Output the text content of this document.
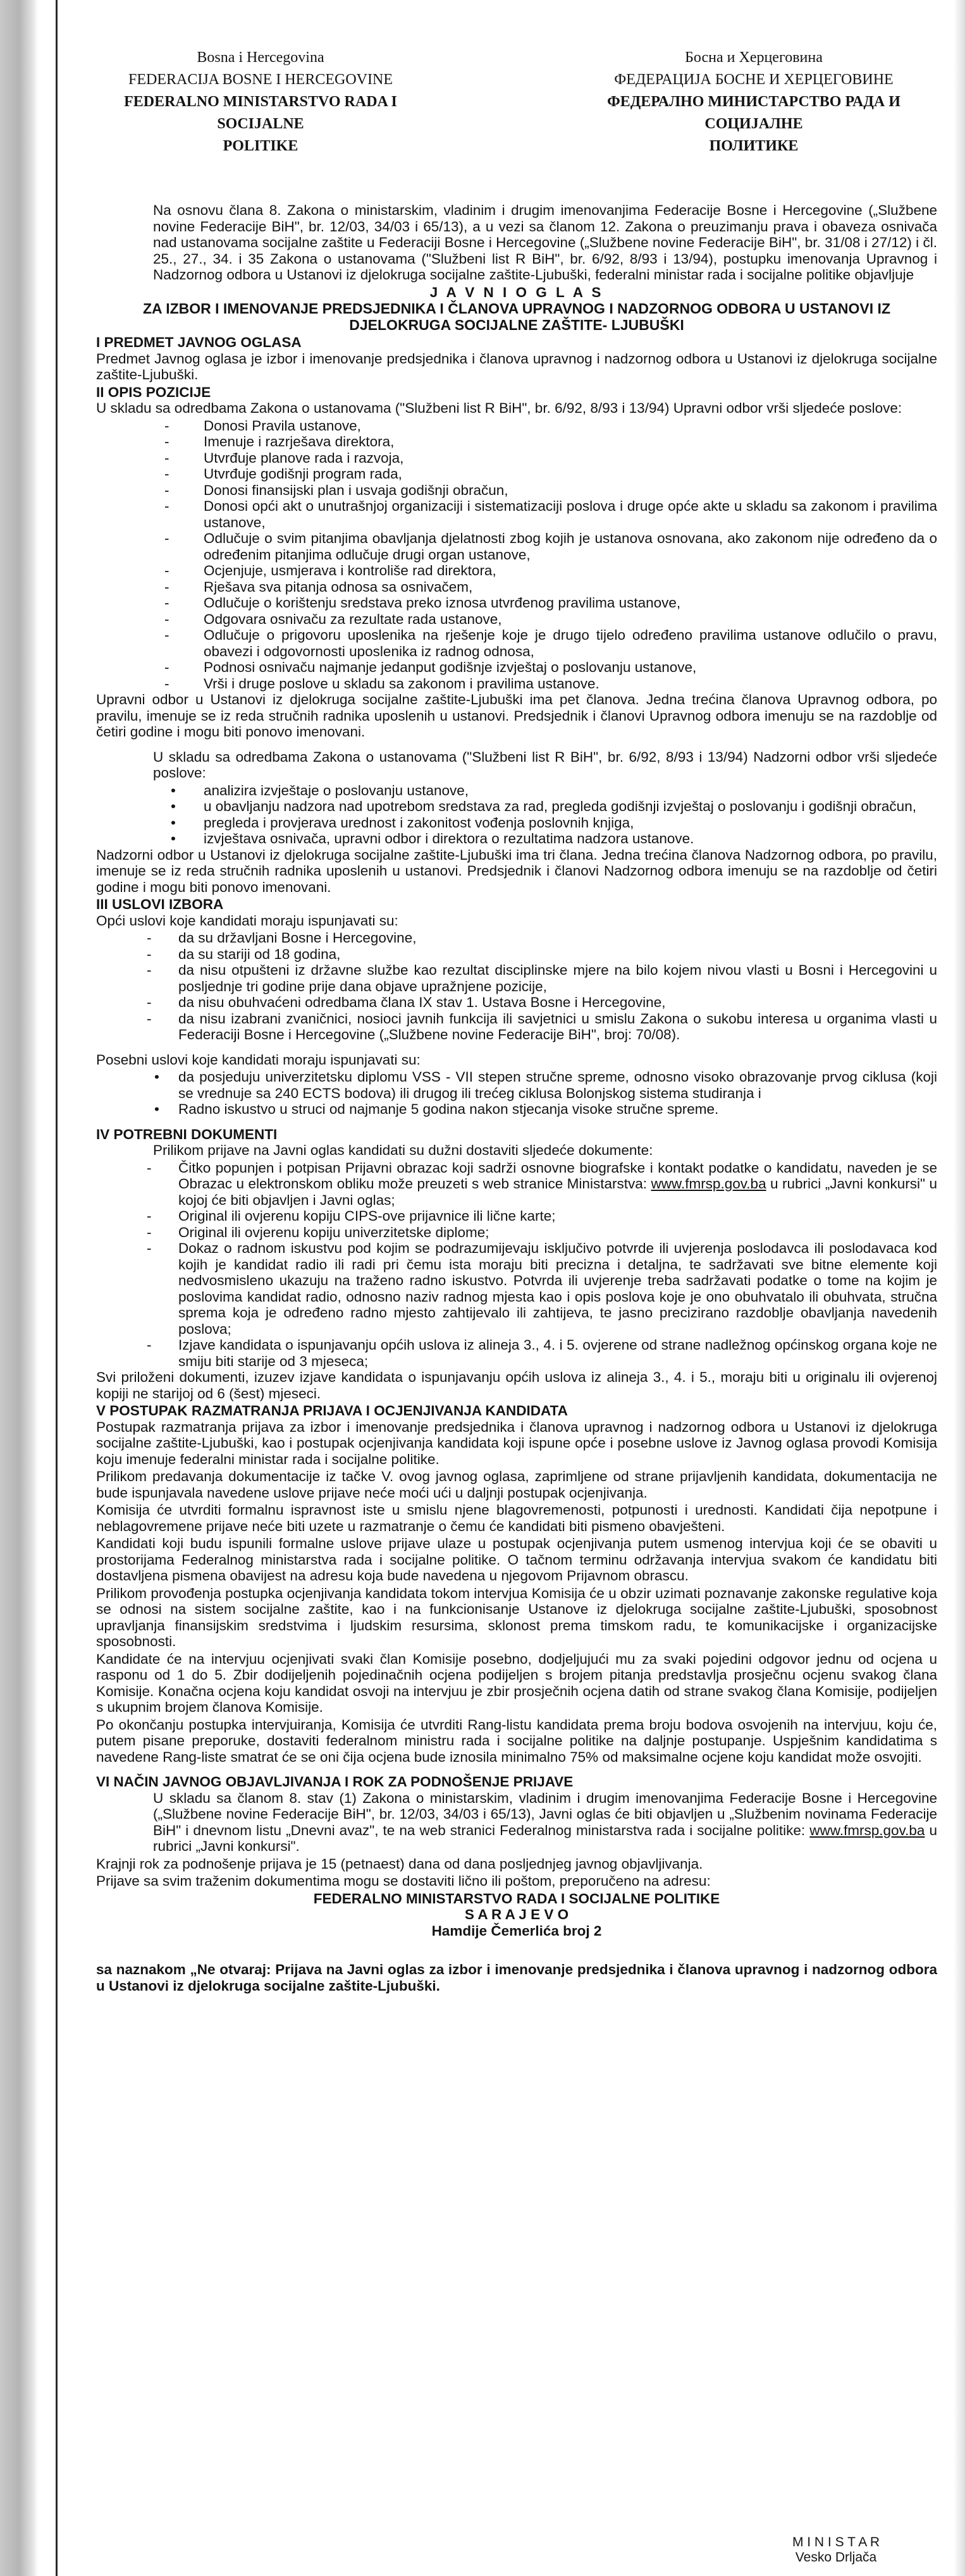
Bosna i Hercegovina
FEDERACIJA BOSNE I HERCEGOVINE
FEDERALNO MINISTARSTVO RADA I SOCIJALNE
POLITIKE
Босна и Херцеговина
ФЕДЕРАЦИЈА БОСНЕ И ХЕРЦЕГОВИНЕ
ФЕДЕРАЛНО МИНИСТАРСТВО РАДА И СОЦИЈАЛНЕ
ПОЛИТИКЕ

Na osnovu člana 8. Zakona o ministarskim, vladinim i drugim imenovanjima Federacije Bosne i Hercegovine („Službene novine Federacije BiH", br. 12/03, 34/03 i 65/13), a u vezi sa članom 12. Zakona o preuzimanju prava i obaveza osnivača nad ustanovama socijalne zaštite u Federaciji Bosne i Hercegovine („Službene novine Federacije BiH", br. 31/08 i 27/12) i čl. 25., 27., 34. i 35 Zakona o ustanovama ("Službeni list R BiH", br. 6/92, 8/93 i 13/94), postupku imenovanja Upravnog i Nadzornog odbora u Ustanovi iz djelokruga socijalne zaštite-Ljubuški, federalni ministar rada i socijalne politike objavljuje

J A V N I O G L A S
ZA IZBOR I IMENOVANJE PREDSJEDNIKA I ČLANOVA UPRAVNOG I NADZORNOG ODBORA U USTANOVI IZ DJELOKRUGA SOCIJALNE ZAŠTITE- LJUBUŠKI
I PREDMET JAVNOG OGLASA

Predmet Javnog oglasa je izbor i imenovanje predsjednika i članova upravnog i nadzornog odbora u Ustanovi iz djelokruga socijalne zaštite-Ljubuški.

II OPIS POZICIJE

U skladu sa odredbama Zakona o ustanovama ("Službeni list R BiH", br. 6/92, 8/93 i 13/94) Upravni odbor vrši sljedeće poslove:

- Donosi Pravila ustanove,
- Imenuje i razrješava direktora,
- Utvrđuje planove rada i razvoja,
- Utvrđuje godišnji program rada,
- Donosi finansijski plan i usvaja godišnji obračun,
- Donosi opći akt o unutrašnjoj organizaciji i sistematizaciji poslova i druge opće akte u skladu sa zakonom i pravilima ustanove,
- Odlučuje o svim pitanjima obavljanja djelatnosti zbog kojih je ustanova osnovana, ako zakonom nije određeno da o određenim pitanjima odlučuje drugi organ ustanove,
- Ocjenjuje, usmjerava i kontroliše rad direktora,
- Rješava sva pitanja odnosa sa osnivačem,
- Odlučuje o korištenju sredstava preko iznosa utvrđenog pravilima ustanove,
- Odgovara osnivaču za rezultate rada ustanove,
- Odlučuje o prigovoru uposlenika na rješenje koje je drugo tijelo određeno pravilima ustanove odlučilo o pravu, obavezi i odgovornosti uposlenika iz radnog odnosa,
- Podnosi osnivaču najmanje jedanput godišnje izvještaj o poslovanju ustanove,
- Vrši i druge poslove u skladu sa zakonom i pravilima ustanove.

Upravni odbor u Ustanovi iz djelokruga socijalne zaštite-Ljubuški ima pet članova. Jedna trećina članova Upravnog odbora, po pravilu, imenuje se iz reda stručnih radnika uposlenih u ustanovi. Predsjednik i članovi Upravnog odbora imenuju se na razdoblje od četiri godine i mogu biti ponovo imenovani.

U skladu sa odredbama Zakona o ustanovama ("Službeni list R BiH", br. 6/92, 8/93 i 13/94) Nadzorni odbor vrši sljedeće poslove:

• analizira izvještaje o poslovanju ustanove,
• u obavljanju nadzora nad upotrebom sredstava za rad, pregleda godišnji izvještaj o poslovanju i godišnji obračun,
• pregleda i provjerava urednost i zakonitost vođenja poslovnih knjiga,
• izvještava osnivača, upravni odbor i direktora o rezultatima nadzora ustanove.

Nadzorni odbor u Ustanovi iz djelokruga socijalne zaštite-Ljubuški ima tri člana. Jedna trećina članova Nadzornog odbora, po pravilu, imenuje se iz reda stručnih radnika uposlenih u ustanovi. Predsjednik i članovi Nadzornog odbora imenuju se na razdoblje od četiri godine i mogu biti ponovo imenovani.

III USLOVI IZBORA

Opći uslovi koje kandidati moraju ispunjavati su:

- da su državljani Bosne i Hercegovine,
- da su stariji od 18 godina,
- da nisu otpušteni iz državne službe kao rezultat disciplinske mjere na bilo kojem nivou vlasti u Bosni i Hercegovini u posljednje tri godine prije dana objave upražnjene pozicije,
- da nisu obuhvaćeni odredbama člana IX stav 1. Ustava Bosne i Hercegovine,
- da nisu izabrani zvaničnici, nosioci javnih funkcija ili savjetnici u smislu Zakona o sukobu interesa u organima vlasti u Federaciji Bosne i Hercegovine („Službene novine Federacije BiH", broj: 70/08).

Posebni uslovi koje kandidati moraju ispunjavati su:

• da posjeduju univerzitetsku diplomu VSS - VII stepen stručne spreme, odnosno visoko obrazovanje prvog ciklusa (koji se vrednuje sa 240 ECTS bodova) ili drugog ili trećeg ciklusa Bolonjskog sistema studiranja i
• Radno iskustvo u struci od najmanje 5 godina nakon stjecanja visoke stručne spreme.
IV POTREBNI DOKUMENTI

Prilikom prijave na Javni oglas kandidati su dužni dostaviti sljedeće dokumente:

- Čitko popunjen i potpisan Prijavni obrazac koji sadrži osnovne biografske i kontakt podatke o kandidatu, naveden je se Obrazac u elektronskom obliku može preuzeti s web stranice Ministarstva: www.fmrsp.gov.ba u rubrici „Javni konkursi" u kojoj će biti objavljen i Javni oglas;
- Original ili ovjerenu kopiju CIPS-ove prijavnice ili lične karte;
- Original ili ovjerenu kopiju univerzitetske diplome;
- Dokaz o radnom iskustvu pod kojim se podrazumijevaju isključivo potvrde ili uvjerenja poslodavca ili poslodavaca kod kojih je kandidat radio ili radi pri čemu ista moraju biti precizna i detaljna, te sadržavati sve bitne elemente koji nedvosmisleno ukazuju na traženo radno iskustvo. Potvrda ili uvjerenje treba sadržavati podatke o tome na kojim je poslovima kandidat radio, odnosno naziv radnog mjesta kao i opis poslova koje je ono obuhvatalo ili obuhvata, stručna sprema koja je određeno radno mjesto zahtijevalo ili zahtijeva, te jasno precizirano razdoblje obavljanja navedenih poslova;
- Izjave kandidata o ispunjavanju općih uslova iz alineja 3., 4. i 5. ovjerene od strane nadležnog općinskog organa koje ne smiju biti starije od 3 mjeseca;

Svi priloženi dokumenti, izuzev izjave kandidata o ispunjavanju općih uslova iz alineja 3., 4. i 5., moraju biti u originalu ili ovjerenoj kopiji ne starijoj od 6 (šest) mjeseci.

V POSTUPAK RAZMATRANJA PRIJAVA I OCJENJIVANJA KANDIDATA

Postupak razmatranja prijava za izbor i imenovanje predsjednika i članova upravnog i nadzornog odbora u Ustanovi iz djelokruga socijalne zaštite-Ljubuški, kao i postupak ocjenjivanja kandidata koji ispune opće i posebne uslove iz Javnog oglasa provodi Komisija koju imenuje federalni ministar rada i socijalne politike.

Prilikom predavanja dokumentacije iz tačke V. ovog javnog oglasa, zaprimljene od strane prijavljenih kandidata, dokumentacija ne bude ispunjavala navedene uslove prijave neće moći ući u daljnji postupak ocjenjivanja.

Komisija će utvrditi formalnu ispravnost iste u smislu njene blagovremenosti, potpunosti i urednosti. Kandidati čija nepotpune i neblagovremene prijave neće biti uzete u razmatranje o čemu će kandidati biti pismeno obavješteni.

Kandidati koji budu ispunili formalne uslove prijave ulaze u postupak ocjenjivanja putem usmenog intervjua koji će se obaviti u prostorijama Federalnog ministarstva rada i socijalne politike. O tačnom terminu održavanja intervjua svakom će kandidatu biti dostavljena pismena obavijest na adresu koja bude navedena u njegovom Prijavnom obrascu.

Prilikom provođenja postupka ocjenjivanja kandidata tokom intervjua Komisija će u obzir uzimati poznavanje zakonske regulative koja se odnosi na sistem socijalne zaštite, kao i na funkcionisanje Ustanove iz djelokruga socijalne zaštite-Ljubuški, sposobnost upravljanja finansijskim sredstvima i ljudskim resursima, sklonost prema timskom radu, te komunikacijske i organizacijske sposobnosti.

Kandidate će na intervjuu ocjenjivati svaki član Komisije posebno, dodjeljujući mu za svaki pojedini odgovor jednu od ocjena u rasponu od 1 do 5. Zbir dodijeljenih pojedinačnih ocjena podijeljen s brojem pitanja predstavlja prosječnu ocjenu svakog člana Komisije. Konačna ocjena koju kandidat osvoji na intervjuu je zbir prosječnih ocjena datih od strane svakog člana Komisije, podijeljen s ukupnim brojem članova Komisije.

Po okončanju postupka intervjuiranja, Komisija će utvrditi Rang-listu kandidata prema broju bodova osvojenih na intervjuu, koju će, putem pisane preporuke, dostaviti federalnom ministru rada i socijalne politike na daljnje postupanje. Uspješnim kandidatima s navedene Rang-liste smatrat će se oni čija ocjena bude iznosila minimalno 75% od maksimalne ocjene koju kandidat može osvojiti.

VI NAČIN JAVNOG OBJAVLJIVANJA I ROK ZA PODNOŠENJE PRIJAVE

U skladu sa članom 8. stav (1) Zakona o ministarskim, vladinim i drugim imenovanjima Federacije Bosne i Hercegovine („Službene novine Federacije BiH", br. 12/03, 34/03 i 65/13), Javni oglas će biti objavljen u „Službenim novinama Federacije BiH" i dnevnom listu „Dnevni avaz", te na web stranici Federalnog ministarstva rada i socijalne politike: www.fmrsp.gov.ba u rubrici „Javni konkursi".

Krajnji rok za podnošenje prijava je 15 (petnaest) dana od dana posljednjeg javnog objavljivanja.

Prijave sa svim traženim dokumentima mogu se dostaviti lično ili poštom, preporučeno na adresu:

FEDERALNO MINISTARSTVO RADA I SOCIJALNE POLITIKE
S A R A J E V O
Hamdije Čemerlića broj 2

sa naznakom „Ne otvaraj: Prijava na Javni oglas za izbor i imenovanje predsjednika i članova upravnog i nadzornog odbora u Ustanovi iz djelokruga socijalne zaštite-Ljubuški.

M I N I S T A R
Vesko Drljača
